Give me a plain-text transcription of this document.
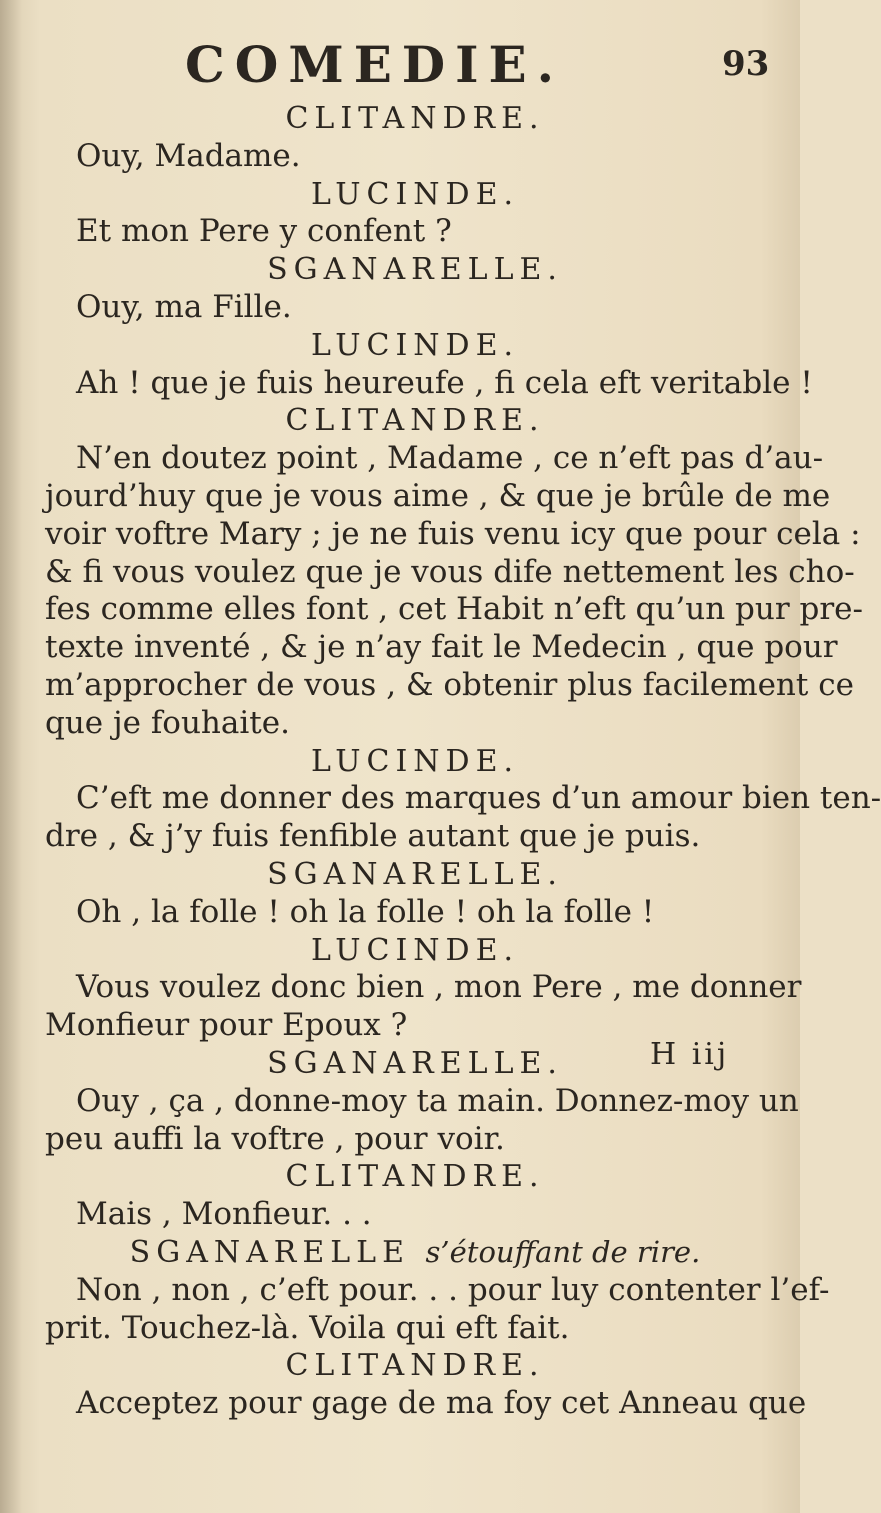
COMEDIE.	93
CLITANDRE.
Ouy, Madame.
LUCINDE.
Et mon Pere y confent ?
SGANARELLE.
Ouy, ma Fille.
LUCINDE.
Ah ! que je fuis heureufe , fi cela eft veritable !
CLITANDRE.
N’en doutez point , Madame , ce n’eft pas d’au-
jourd’huy que je vous aime , & que je brûle de me
voir voftre Mary ; je ne fuis venu icy que pour cela :
& fi vous voulez que je vous dife nettement les cho-
fes comme elles font , cet Habit n’eft qu’un pur pre-
texte inventé , & je n’ay fait le Medecin , que pour
m’approcher de vous , & obtenir plus facilement ce
que je fouhaite.
LUCINDE.
C’eft me donner des marques d’un amour bien ten-
dre , & j’y fuis fenfible autant que je puis.
SGANARELLE.
Oh , la folle ! oh la folle ! oh la folle !
LUCINDE.
Vous voulez donc bien , mon Pere , me donner
Monfieur pour Epoux ?
SGANARELLE.
Ouy , ça , donne-moy ta main. Donnez-moy un
peu auffi la voftre , pour voir.
CLITANDRE.
Mais , Monfieur. . .
SGANARELLE s’étouffant de rire.
Non , non , c’eft pour. . . pour luy contenter l’ef-
prit. Touchez-là. Voila qui eft fait.
CLITANDRE.
Acceptez pour gage de ma foy cet Anneau que
H iij
